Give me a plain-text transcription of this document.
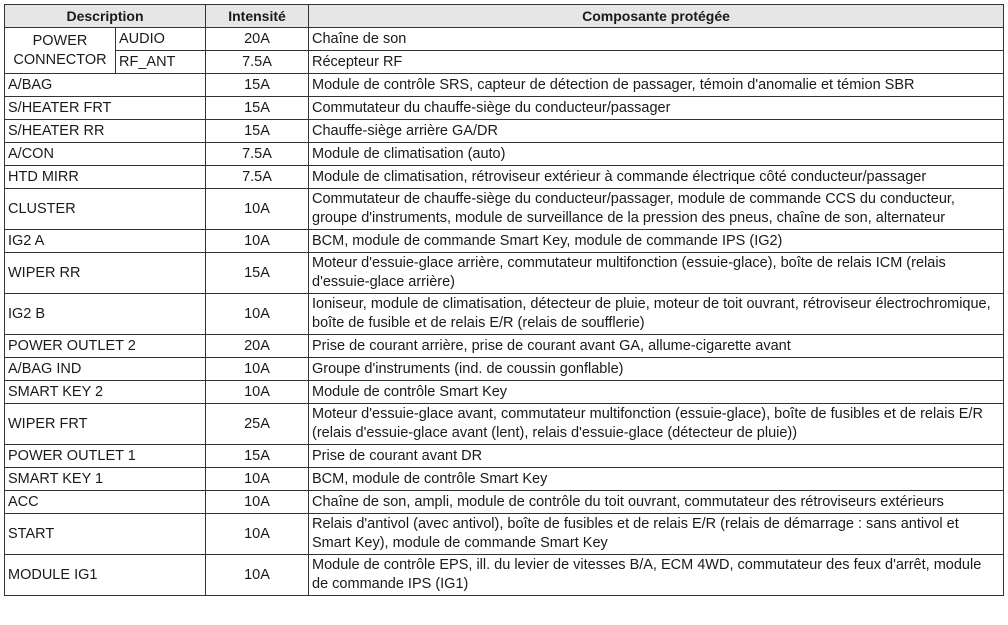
Description		Intensité	Composante protégée
POWER
CONNECTOR	AUDIO	20A	Chaîne de son
	RF_ANT	7.5A	Récepteur RF
A/BAG		15A	Module de contrôle SRS, capteur de détection de passager, témoin d'anomalie et témion SBR
S/HEATER FRT		15A	Commutateur du chauffe-siège du conducteur/passager
S/HEATER RR		15A	Chauffe-siège arrière GA/DR
A/CON		7.5A	Module de climatisation (auto)
HTD MIRR		7.5A	Module de climatisation, rétroviseur extérieur à commande électrique côté conducteur/passager
CLUSTER		10A	Commutateur de chauffe-siège du conducteur/passager, module de commande CCS du conducteur, groupe d'instruments, module de surveillance de la pression des pneus, chaîne de son, alternateur
IG2 A		10A	BCM, module de commande Smart Key, module de commande IPS (IG2)
WIPER RR		15A	Moteur d'essuie-glace arrière, commutateur multifonction (essuie-glace), boîte de relais ICM (relais d'essuie-glace arrière)
IG2 B		10A	Ioniseur, module de climatisation, détecteur de pluie, moteur de toit ouvrant, rétroviseur électrochromique, boîte de fusible et de relais E/R (relais de soufflerie)
POWER OUTLET 2		20A	Prise de courant arrière, prise de courant avant GA, allume-cigarette avant
A/BAG IND		10A	Groupe d'instruments (ind. de coussin gonflable)
SMART KEY 2		10A	Module de contrôle Smart Key
WIPER FRT		25A	Moteur d'essuie-glace avant, commutateur multifonction (essuie-glace), boîte de fusibles et de relais E/R (relais d'essuie-glace avant (lent), relais d'essuie-glace (détecteur de pluie))
POWER OUTLET 1		15A	Prise de courant avant DR
SMART KEY 1		10A	BCM, module de contrôle Smart Key
ACC		10A	Chaîne de son, ampli, module de contrôle du toit ouvrant, commutateur des rétroviseurs extérieurs
START		10A	Relais d'antivol (avec antivol), boîte de fusibles et de relais E/R (relais de démarrage : sans antivol et Smart Key), module de commande Smart Key
MODULE IG1		10A	Module de contrôle EPS, ill. du levier de vitesses B/A, ECM 4WD, commutateur des feux d'arrêt, module de commande IPS (IG1)
